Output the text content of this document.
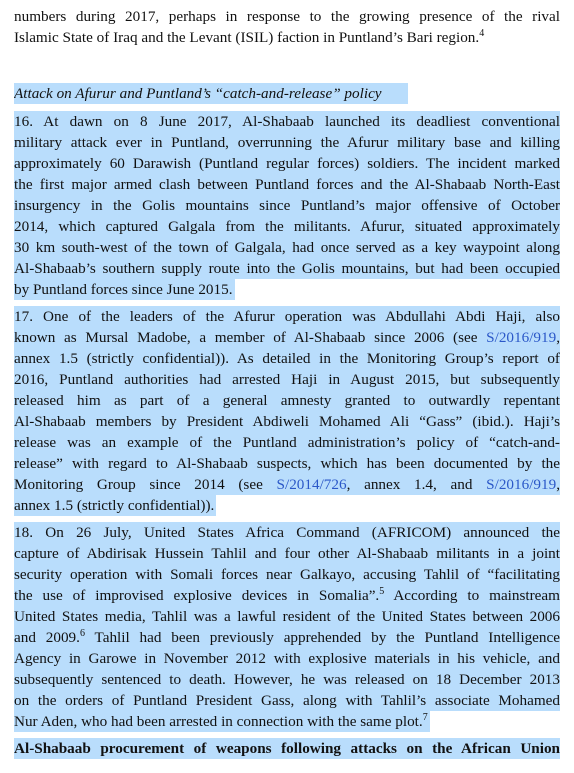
numbers during 2017, perhaps in response to the growing presence of the rival
Islamic State of Iraq and the Levant (ISIL) faction in Puntland’s Bari region.$^4$
Attack on Afurur and Puntland’s “catch-and-release” policy
16. At dawn on 8 June 2017, Al-Shabaab launched its deadliest conventional
military attack ever in Puntland, overrunning the Afurur military base and killing
approximately 60 Darawish (Puntland regular forces) soldiers. The incident marked
the first major armed clash between Puntland forces and the Al-Shabaab North-East
insurgency in the Golis mountains since Puntland’s major offensive of October
2014, which captured Galgala from the militants. Afurur, situated approximately
30 km south-west of the town of Galgala, had once served as a key waypoint along
Al-Shabaab’s southern supply route into the Golis mountains, but had been occupied
by Puntland forces since June 2015.
17. One of the leaders of the Afurur operation was Abdullahi Abdi Haji, also
known as Mursal Madobe, a member of Al-Shabaab since 2006 (see S/2016/919,
annex 1.5 (strictly confidential)). As detailed in the Monitoring Group’s report of
2016, Puntland authorities had arrested Haji in August 2015, but subsequently
released him as part of a general amnesty granted to outwardly repentant
Al-Shabaab members by President Abdiweli Mohamed Ali “Gass” (ibid.). Haji’s
release was an example of the Puntland administration’s policy of “catch-and-
release” with regard to Al-Shabaab suspects, which has been documented by the
Monitoring Group since 2014 (see S/2014/726, annex 1.4, and S/2016/919,
annex 1.5 (strictly confidential)).
18. On 26 July, United States Africa Command (AFRICOM) announced the
capture of Abdirisak Hussein Tahlil and four other Al-Shabaab militants in a joint
security operation with Somali forces near Galkayo, accusing Tahlil of “facilitating
the use of improvised explosive devices in Somalia”.$^5$ According to mainstream
United States media, Tahlil was a lawful resident of the United States between 2006
and 2009.$^6$ Tahlil had been previously apprehended by the Puntland Intelligence
Agency in Garowe in November 2012 with explosive materials in his vehicle, and
subsequently sentenced to death. However, he was released on 18 December 2013
on the orders of Puntland President Gass, along with Tahlil’s associate Mohamed
Nur Aden, who had been arrested in connection with the same plot.$^7$
Al-Shabaab procurement of weapons following attacks on the African Union
